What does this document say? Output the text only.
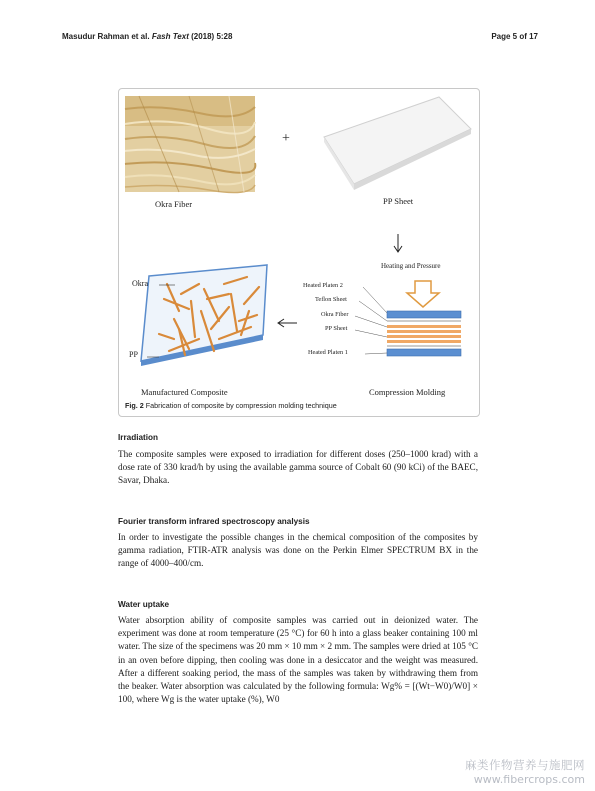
Masudur Rahman et al. Fash Text (2018) 5:28	Page 5 of 17
+
Okra Fiber	PP Sheet
Heating and Pressure
Okra
PP
Heated Platen 2
Teflon Sheet
Okra Fiber
PP Sheet
Heated Platen 1
Manufactured Composite	Compression Molding
Fig. 2 Fabrication of composite by compression molding technique
Irradiation
The composite samples were exposed to irradiation for different doses (250–1000 krad) with a dose rate of 330 krad/h by using the available gamma source of Cobalt 60 (90 kCi) of the BAEC, Savar, Dhaka.
Fourier transform infrared spectroscopy analysis
In order to investigate the possible changes in the chemical composition of the composites by gamma radiation, FTIR-ATR analysis was done on the Perkin Elmer SPECTRUM BX in the range of 4000–400/cm.
Water uptake
Water absorption ability of composite samples was carried out in deionized water. The experiment was done at room temperature (25 °C) for 60 h into a glass beaker containing 100 ml water. The size of the specimens was 20 mm × 10 mm × 2 mm. The samples were dried at 105 °C in an oven before dipping, then cooling was done in a desiccator and the weight was measured. After a different soaking period, the mass of the samples was taken by withdrawing them from the beaker. Water absorption was calculated by the following formula: Wg% = [(Wt−W0)/W0] × 100, where Wg is the water uptake (%), W0
麻类作物营养与施肥网
www.fibercrops.com
